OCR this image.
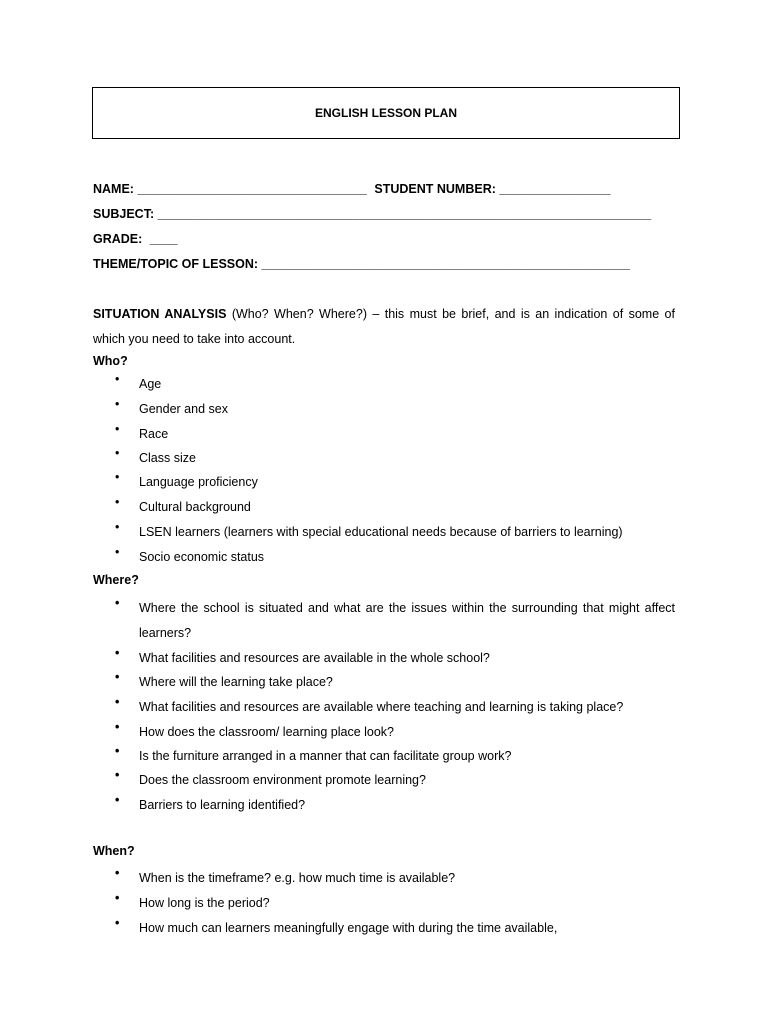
ENGLISH LESSON PLAN
NAME: _________________________________ STUDENT NUMBER: ________________
SUBJECT: _______________________________________________________________________
GRADE: ____
THEME/TOPIC OF LESSON: _____________________________________________________
SITUATION ANALYSIS (Who? When? Where?) – this must be brief, and is an indication of some of which you need to take into account.
Who?
•	Age
•	Gender and sex
•	Race
•	Class size
•	Language proficiency
•	Cultural background
•	LSEN learners (learners with special educational needs because of barriers to learning)
•	Socio economic status
Where?
•	Where the school is situated and what are the issues within the surrounding that might affect learners?
•	What facilities and resources are available in the whole school?
•	Where will the learning take place?
•	What facilities and resources are available where teaching and learning is taking place?
•	How does the classroom/ learning place look?
•	Is the furniture arranged in a manner that can facilitate group work?
•	Does the classroom environment promote learning?
•	Barriers to learning identified?
When?
•	When is the timeframe? e.g. how much time is available?
•	How long is the period?
•	How much can learners meaningfully engage with during the time available,
